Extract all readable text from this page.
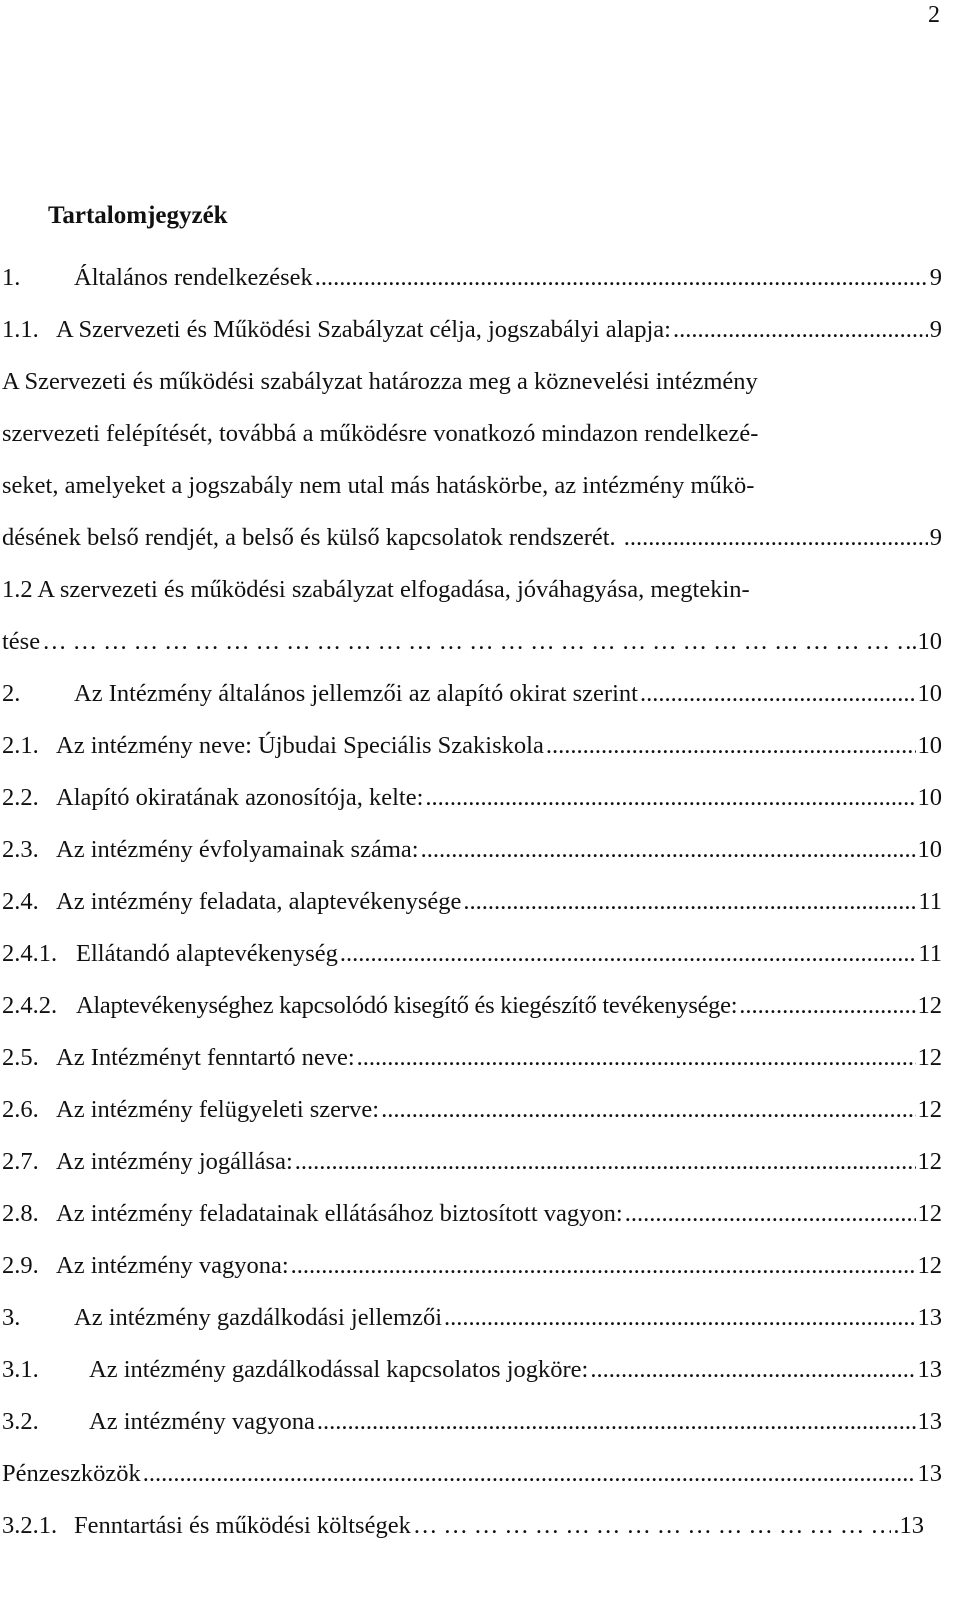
2
Tartalomjegyzék
1.	Általános rendelkezések .....	9
1.1. A Szervezeti és Működési Szabályzat célja, jogszabályi alapja: .....	9
A Szervezeti és működési szabályzat határozza meg a köznevelési intézmény
szervezeti felépítését, továbbá a működésre vonatkozó mindazon rendelkezé-
seket, amelyeket a jogszabály nem utal más hatáskörbe, az intézmény műkö-
désének belső rendjét, a belső és külső kapcsolatok rendszerét. .....	9
1.2 A szervezeti és működési szabályzat elfogadása, jóváhagyása, megtekin-
tése ………………………………………………………………………………………………	..10
2.	Az Intézmény általános jellemzői az alapító okirat szerint .....	10
2.1. Az intézmény neve: Újbudai Speciális Szakiskola .....	10
2.2. Alapító okiratának azonosítója, kelte: .....	10
2.3. Az intézmény évfolyamainak száma: .....	10
2.4. Az intézmény feladata, alaptevékenysége .....	11
2.4.1. Ellátandó alaptevékenység .....	11
2.4.2. Alaptevékenységhez kapcsolódó kisegítő és kiegészítő tevékenysége: .....	12
2.5. Az Intézményt fenntartó neve: .....	12
2.6. Az intézmény felügyeleti szerve: .....	12
2.7. Az intézmény jogállása: .....	12
2.8. Az intézmény feladatainak ellátásához biztosított vagyon: .....	12
2.9. Az intézmény vagyona: .....	12
3.	Az intézmény gazdálkodási jellemzői .....	13
3.1.	Az intézmény gazdálkodással kapcsolatos jogköre: .....	13
3.2.	Az intézmény vagyona .....	13
Pénzeszközök .....	13
3.2.1. Fenntartási és működési költségek ………………………………………………………………………………………………	.13
